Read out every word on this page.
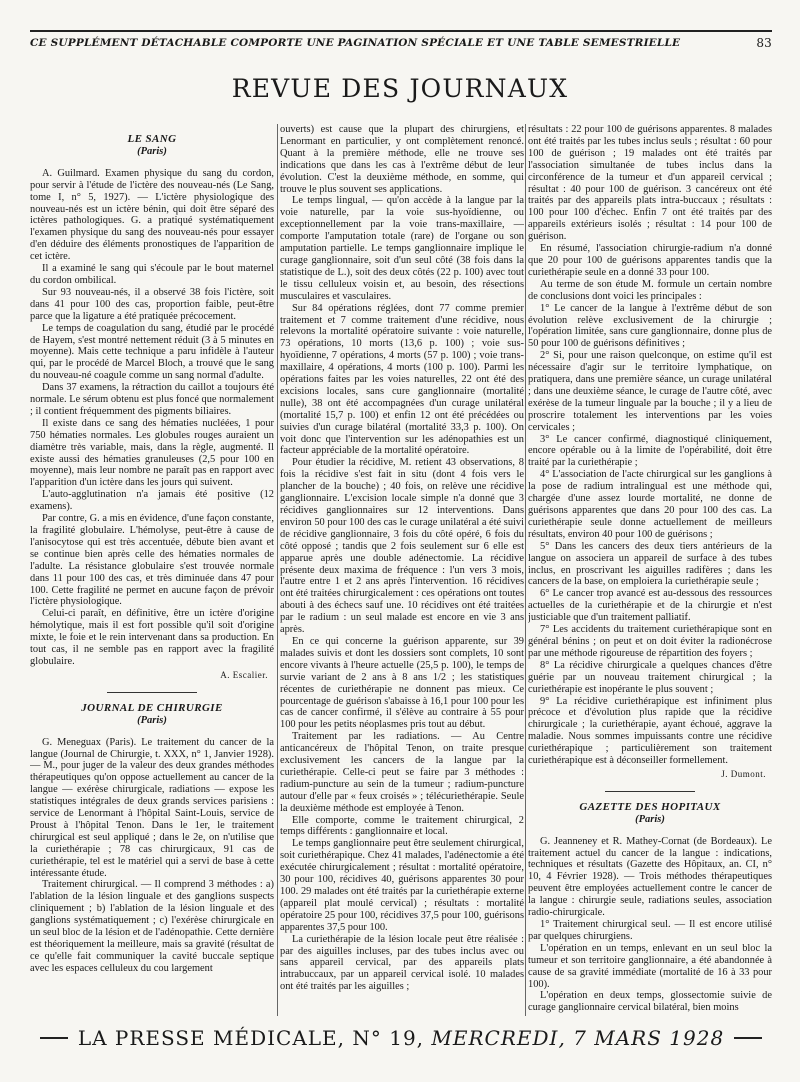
CE SUPPLÉMENT DÉTACHABLE COMPORTE UNE PAGINATION SPÉCIALE ET UNE TABLE SEMESTRIELLE	83
REVUE DES JOURNAUX
LE SANG
(Paris)

A. Guilmard. Examen physique du sang du cordon, pour servir à l'étude de l'ictère des nouveau-nés (Le Sang, tome I, n° 5, 1927). — L'ictère physiologique des nouveau-nés est un ictère bénin, qui doit être séparé des ictères pathologiques. G. a pratiqué systématiquement l'examen physique du sang des nouveau-nés pour essayer d'en déduire des éléments pronostiques de l'apparition de cet ictère.

Il a examiné le sang qui s'écoule par le bout maternel du cordon ombilical.

Sur 93 nouveau-nés, il a observé 38 fois l'ictère, soit dans 41 pour 100 des cas, proportion faible, peut-être parce que la ligature a été pratiquée précocement.

Le temps de coagulation du sang, étudié par le procédé de Hayem, s'est montré nettement réduit (3 à 5 minutes en moyenne). Mais cette technique a paru infidèle à l'auteur qui, par le procédé de Marcel Bloch, a trouvé que le sang du nouveau-né coagule comme un sang normal d'adulte.

Dans 37 examens, la rétraction du caillot a toujours été normale. Le sérum obtenu est plus foncé que normalement ; il contient fréquemment des pigments biliaires.

Il existe dans ce sang des hématies nucléées, 1 pour 750 hématies normales. Les globules rouges auraient un diamètre très variable, mais, dans la règle, augmenté. Il existe aussi des hématies granuleuses (2,5 pour 100 en moyenne), mais leur nombre ne paraît pas en rapport avec l'apparition d'un ictère dans les jours qui suivent.

L'auto-agglutination n'a jamais été positive (12 examens).

Par contre, G. a mis en évidence, d'une façon constante, la fragilité globulaire. L'hémolyse, peut-être à cause de l'anisocytose qui est très accentuée, débute bien avant et se continue bien après celle des hématies normales de l'adulte. La résistance globulaire s'est trouvée normale dans 11 pour 100 des cas, et très diminuée dans 47 pour 100. Cette fragilité ne permet en aucune façon de prévoir l'ictère physiologique.

Celui-ci paraît, en définitive, être un ictère d'origine hémolytique, mais il est fort possible qu'il soit d'origine mixte, le foie et le rein intervenant dans sa production. En tout cas, il ne semble pas en rapport avec la fragilité globulaire.

A. Escalier.
JOURNAL DE CHIRURGIE
(Paris)

G. Meneguax (Paris). Le traitement du cancer de la langue (Journal de Chirurgie, t. XXX, n° 1, Janvier 1928). — M., pour juger de la valeur des deux grandes méthodes thérapeutiques qu'on oppose actuellement au cancer de la langue — exérèse chirurgicale, radiations — expose les statistiques intégrales de deux grands services parisiens : service de Lenormant à l'hôpital Saint-Louis, service de Proust à l'hôpital Tenon. Dans le 1er, le traitement chirurgical est seul appliqué ; dans le 2e, on n'utilise que la curiethérapie ; 78 cas chirurgicaux, 91 cas de curiethérapie, tel est le matériel qui a servi de base à cette intéressante étude.

Traitement chirurgical. — Il comprend 3 méthodes : a) l'ablation de la lésion linguale et des ganglions suspects cliniquement ; b) l'ablation de la lésion linguale et des ganglions systématiquement ; c) l'exérèse chirurgicale en un seul bloc de la lésion et de l'adénopathie. Cette dernière est théoriquement la meilleure, mais sa gravité (résultat de ce qu'elle fait communiquer la cavité buccale septique avec les espaces celluleux du cou largement

ouverts) est cause que la plupart des chirurgiens, et Lenormant en particulier, y ont complètement renoncé. Quant à la première méthode, elle ne trouve ses indications que dans les cas à l'extrême début de leur évolution. C'est la deuxième méthode, en somme, qui trouve le plus souvent ses applications.

Le temps lingual, — qu'on accède à la langue par la voie naturelle, par la voie sus-hyoïdienne, ou exceptionnellement par la voie trans-maxillaire, — comporte l'amputation totale (rare) de l'organe ou son amputation partielle. Le temps ganglionnaire implique le curage ganglionnaire, soit d'un seul côté (38 fois dans la statistique de L.), soit des deux côtés (22 p. 100) avec tout le tissu celluleux voisin et, au besoin, des résections musculaires et vasculaires.

Sur 84 opérations réglées, dont 77 comme premier traitement et 7 comme traitement d'une récidive, nous relevons la mortalité opératoire suivante : voie naturelle, 73 opérations, 10 morts (13,6 p. 100) ; voie sus-hyoïdienne, 7 opérations, 4 morts (57 p. 100) ; voie trans-maxillaire, 4 opérations, 4 morts (100 p. 100). Parmi les opérations faites par les voies naturelles, 22 ont été des excisions locales, sans cure ganglionnaire (mortalité nulle), 38 ont été accompagnées d'un curage unilatéral (mortalité 15,7 p. 100) et enfin 12 ont été précédées ou suivies d'un curage bilatéral (mortalité 33,3 p. 100). On voit donc que l'intervention sur les adénopathies est un facteur appréciable de la mortalité opératoire.

Pour étudier la récidive, M. retient 43 observations, 8 fois la récidive s'est fait in situ (dont 4 fois vers le plancher de la bouche) ; 40 fois, on relève une récidive ganglionnaire. L'excision locale simple n'a donné que 3 récidives ganglionnaires sur 12 interventions. Dans environ 50 pour 100 des cas le curage unilatéral a été suivi de récidive ganglionnaire, 3 fois du côté opéré, 6 fois du côté opposé ; tandis que 2 fois seulement sur 6 elle est apparue après une double adénectomie. La récidive présente deux maxima de fréquence : l'un vers 3 mois, l'autre entre 1 et 2 ans après l'intervention. 16 récidives ont été traitées chirurgicalement : ces opérations ont toutes abouti à des échecs sauf une. 10 récidives ont été traitées par le radium : un seul malade est encore en vie 3 ans après.

En ce qui concerne la guérison apparente, sur 39 malades suivis et dont les dossiers sont complets, 10 sont encore vivants à l'heure actuelle (25,5 p. 100), le temps de survie variant de 2 ans à 8 ans 1/2 ; les statistiques récentes de curiethérapie ne donnent pas mieux. Ce pourcentage de guérison s'abaisse à 16,1 pour 100 pour les cas de cancer confirmé, il s'élève au contraire à 55 pour 100 pour les petits néoplasmes pris tout au début.

Traitement par les radiations. — Au Centre anticancéreux de l'hôpital Tenon, on traite presque exclusivement les cancers de la langue par la curiethérapie. Celle-ci peut se faire par 3 méthodes : radium-puncture au sein de la tumeur ; radium-puncture autour d'elle par « feux croisés » ; télécuriethérapie. Seule la deuxième méthode est employée à Tenon.

Elle comporte, comme le traitement chirurgical, 2 temps différents : ganglionnaire et local.

Le temps ganglionnaire peut être seulement chirurgical, soit curiethérapique. Chez 41 malades, l'adénectomie a été exécutée chirurgicalement ; résultat : mortalité opératoire, 30 pour 100, récidives 40, guérisons apparentes 30 pour 100. 29 malades ont été traités par la curiethérapie externe (appareil plat moulé cervical) ; résultats : mortalité opératoire 25 pour 100, récidives 37,5 pour 100, guérisons apparentes 37,5 pour 100.

La curiethérapie de la lésion locale peut être réalisée : par des aiguilles incluses, par des tubes inclus avec ou sans appareil cervical, par des appareils plats intrabuccaux, par un appareil cervical isolé. 10 malades ont été traités par les aiguilles ;

résultats : 22 pour 100 de guérisons apparentes. 8 malades ont été traités par les tubes inclus seuls ; résultat : 60 pour 100 de guérison ; 19 malades ont été traités par l'association simultanée de tubes inclus dans la circonférence de la tumeur et d'un appareil cervical ; résultat : 40 pour 100 de guérison. 3 cancéreux ont été traités par des appareils plats intra-buccaux ; résultats : 100 pour 100 d'échec. Enfin 7 ont été traités par des appareils extérieurs isolés ; résultat : 14 pour 100 de guérison.

En résumé, l'association chirurgie-radium n'a donné que 20 pour 100 de guérisons apparentes tandis que la curiethérapie seule en a donné 33 pour 100.

Au terme de son étude M. formule un certain nombre de conclusions dont voici les principales :

1° Le cancer de la langue à l'extrême début de son évolution relève exclusivement de la chirurgie ; l'opération limitée, sans cure ganglionnaire, donne plus de 50 pour 100 de guérisons définitives ;

2° Si, pour une raison quelconque, on estime qu'il est nécessaire d'agir sur le territoire lymphatique, on pratiquera, dans une première séance, un curage unilatéral ; dans une deuxième séance, le curage de l'autre côté, avec exérèse de la tumeur linguale par la bouche ; il y a lieu de proscrire totalement les interventions par les voies cervicales ;

3° Le cancer confirmé, diagnostiqué cliniquement, encore opérable ou à la limite de l'opérabilité, doit être traité par la curiethérapie ;

4° L'association de l'acte chirurgical sur les ganglions à la pose de radium intralingual est une méthode qui, chargée d'une assez lourde mortalité, ne donne de guérisons apparentes que dans 20 pour 100 des cas. La curiethérapie seule donne actuellement de meilleurs résultats, environ 40 pour 100 de guérisons ;

5° Dans les cancers des deux tiers antérieurs de la langue on associera un appareil de surface à des tubes inclus, en proscrivant les aiguilles radifères ; dans les cancers de la base, on emploiera la curiethérapie seule ;

6° Le cancer trop avancé est au-dessous des ressources actuelles de la curiethérapie et de la chirurgie et n'est justiciable que d'un traitement palliatif.

7° Les accidents du traitement curiethérapique sont en général bénins ; on peut et on doit éviter la radionécrose par une méthode rigoureuse de répartition des foyers ;

8° La récidive chirurgicale a quelques chances d'être guérie par un nouveau traitement chirurgical ; la curiethérapie est inopérante le plus souvent ;

9° La récidive curiethérapique est infiniment plus précoce et d'évolution plus rapide que la récidive chirurgicale ; la curiethérapie, ayant échoué, aggrave la maladie. Nous sommes impuissants contre une récidive curiethérapique ; particulièrement son traitement curiethérapique est à déconseiller formellement.

J. Dumont.
GAZETTE DES HOPITAUX
(Paris)

G. Jeanneney et R. Mathey-Cornat (de Bordeaux). Le traitement actuel du cancer de la langue : indications, techniques et résultats (Gazette des Hôpitaux, an. CI, n° 10, 4 Février 1928). — Trois méthodes thérapeutiques peuvent être employées actuellement contre le cancer de la langue : chirurgie seule, radiations seules, association radio-chirurgicale.

1° Traitement chirurgical seul. — Il est encore utilisé par quelques chirurgiens.

L'opération en un temps, enlevant en un seul bloc la tumeur et son territoire ganglionnaire, a été abandonnée à cause de sa gravité immédiate (mortalité de 16 à 33 pour 100).

L'opération en deux temps, glossectomie suivie de curage ganglionnaire cervical bilatéral, bien moins

LA PRESSE MÉDICALE, N° 19, MERCREDI, 7 MARS 1928
